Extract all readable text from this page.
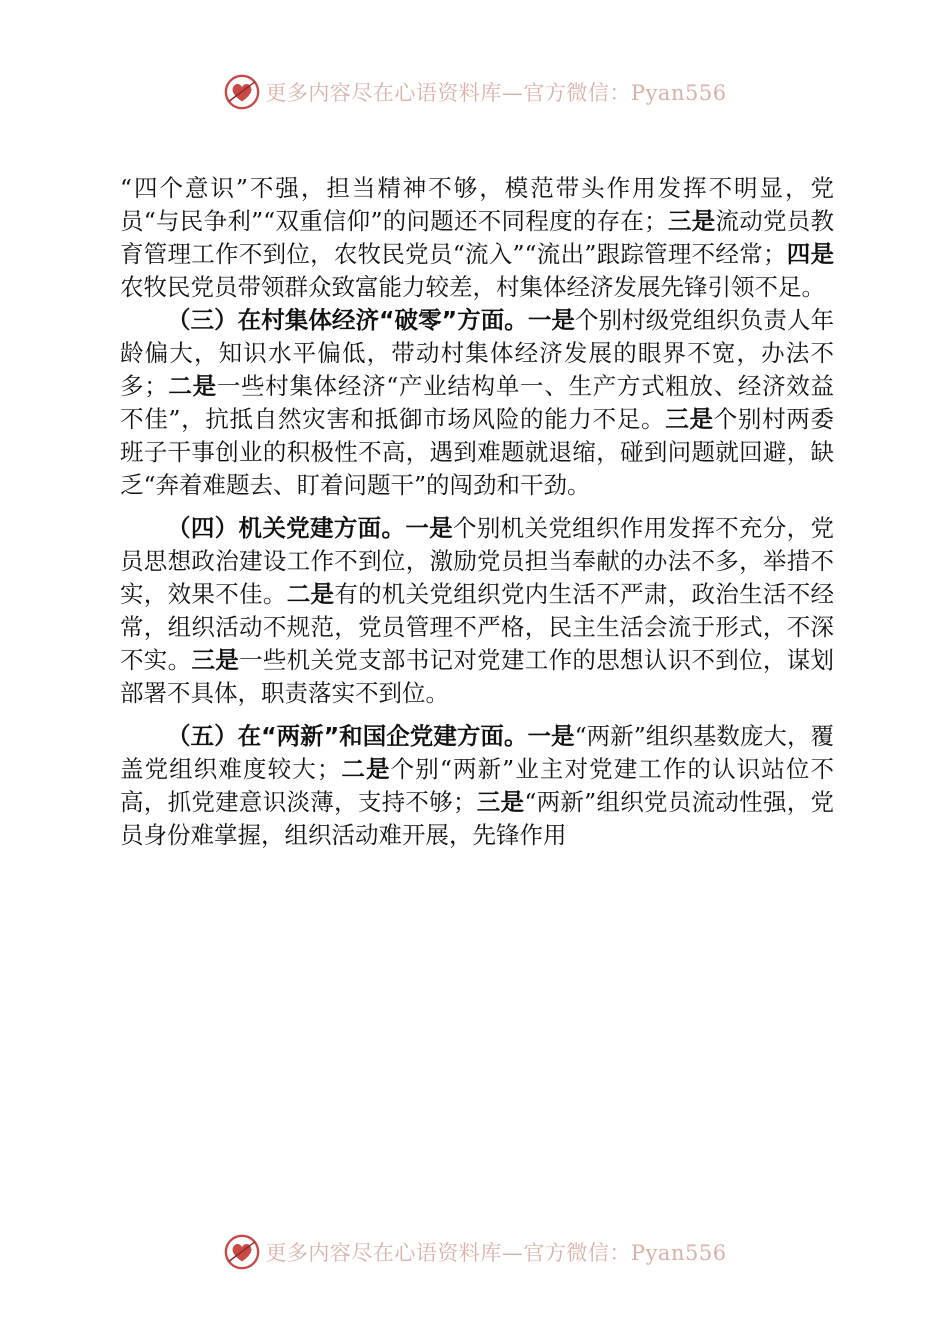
更多内容尽在心语资料库—官方微信：Pyan556

“四个意识”不强，担当精神不够，模范带头作用发挥不明显，党员“与民争利”“双重信仰”的问题还不同程度的存在；三是流动党员教育管理工作不到位，农牧民党员“流入”“流出”跟踪管理不经常；四是农牧民党员带领群众致富能力较差，村集体经济发展先锋引领不足。

（三）在村集体经济“破零”方面。一是个别村级党组织负责人年龄偏大，知识水平偏低，带动村集体经济发展的眼界不宽，办法不多；二是一些村集体经济“产业结构单一、生产方式粗放、经济效益不佳”，抗抵自然灾害和抵御市场风险的能力不足。三是个别村两委班子干事创业的积极性不高，遇到难题就退缩，碰到问题就回避，缺乏“奔着难题去、盯着问题干”的闯劲和干劲。

（四）机关党建方面。一是个别机关党组织作用发挥不充分，党员思想政治建设工作不到位，激励党员担当奉献的办法不多，举措不实，效果不佳。二是有的机关党组织党内生活不严肃，政治生活不经常，组织活动不规范，党员管理不严格，民主生活会流于形式，不深不实。三是一些机关党支部书记对党建工作的思想认识不到位，谋划部署不具体，职责落实不到位。

（五）在“两新”和国企党建方面。一是“两新”组织基数庞大，覆盖党组织难度较大；二是个别“两新”业主对党建工作的认识站位不高，抓党建意识淡薄，支持不够；三是“两新”组织党员流动性强，党员身份难掌握，组织活动难开展，先锋作用

更多内容尽在心语资料库—官方微信：Pyan556
